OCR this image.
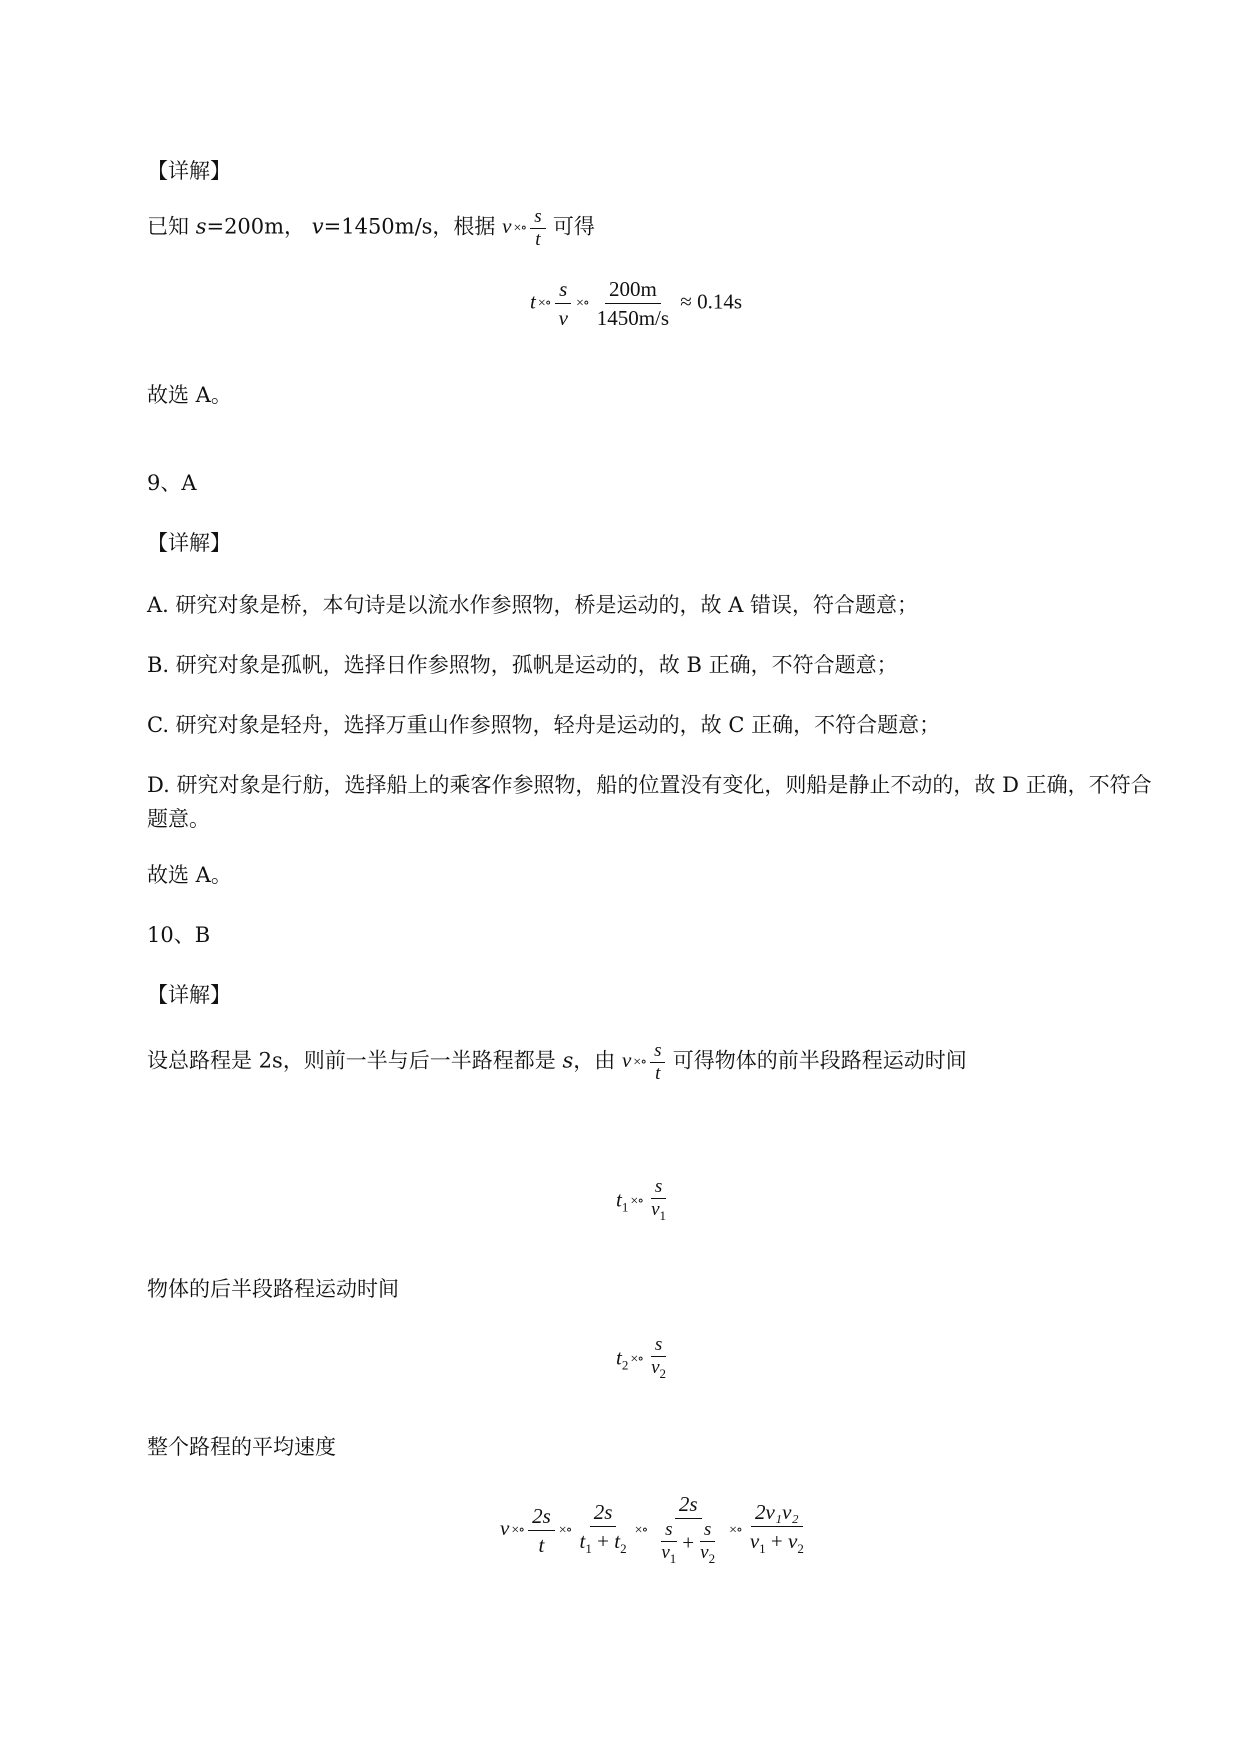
【详解】
已知 s=200m， v=1450m/s，根据 v ×∘ $\frac{s}{t}$ 可得
t ×∘ $\frac{s}{v}$ ×∘ $\frac{200m}{1450m/s} \approx 0.14s$
故选 A。
9、A
【详解】
A. 研究对象是桥，本句诗是以流水作参照物，桥是运动的，故 A 错误，符合题意；
B. 研究对象是孤帆，选择日作参照物，孤帆是运动的，故 B 正确，不符合题意；
C. 研究对象是轻舟，选择万重山作参照物，轻舟是运动的，故 C 正确，不符合题意；
D. 研究对象是行舫，选择船上的乘客作参照物，船的位置没有变化，则船是静止不动的，故 D 正确，不符合题意。
故选 A。
10、B
【详解】
设总路程是 2s，则前一半与后一半路程都是 s，由 v ×∘ $\frac{s}{t}$ 可得物体的前半段路程运动时间
$t_1$ ×∘ $\frac{s}{v_1}$
物体的后半段路程运动时间
$t_2$ ×∘ $\frac{s}{v_2}$
整个路程的平均速度
v ×∘ $\frac{2s}{t}$ ×∘ $\frac{2s}{t_1 + t_2}$ ×∘ $\frac{2s}{\frac{s}{v_1} + \frac{s}{v_2}}$ ×∘ $\frac{\text{2v₁v₂}}{v_1 + v_2}$
